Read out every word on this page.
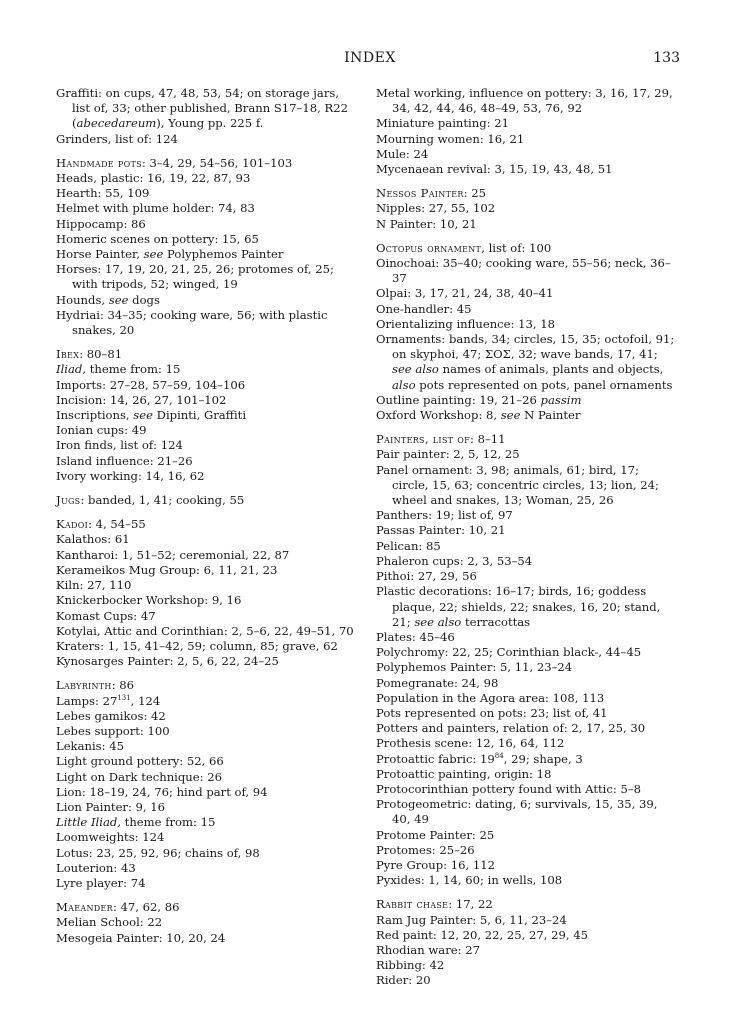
INDEX	133

Graffiti: on cups, 47, 48, 53, 54; on storage jars, list of, 33; other published, Brann S17–18, R22 (abecedareum), Young pp. 225 f.

Grinders, list of: 124

Handmade pots: 3–4, 29, 54–56, 101–103

Heads, plastic: 16, 19, 22, 87, 93

Hearth: 55, 109

Helmet with plume holder: 74, 83

Hippocamp: 86

Homeric scenes on pottery: 15, 65

Horse Painter, see Polyphemos Painter

Horses: 17, 19, 20, 21, 25, 26; protomes of, 25; with tripods, 52; winged, 19

Hounds, see dogs

Hydriai: 34–35; cooking ware, 56; with plastic snakes, 20

Ibex: 80–81

Iliad, theme from: 15

Imports: 27–28, 57–59, 104–106

Incision: 14, 26, 27, 101–102

Inscriptions, see Dipinti, Graffiti

Ionian cups: 49

Iron finds, list of: 124

Island influence: 21–26

Ivory working: 14, 16, 62

Jugs: banded, 1, 41; cooking, 55

Kadoi: 4, 54–55

Kalathos: 61

Kantharoi: 1, 51–52; ceremonial, 22, 87

Kerameikos Mug Group: 6, 11, 21, 23

Kiln: 27, 110

Knickerbocker Workshop: 9, 16

Komast Cups: 47

Kotylai, Attic and Corinthian: 2, 5–6, 22, 49–51, 70

Kraters: 1, 15, 41–42, 59; column, 85; grave, 62

Kynosarges Painter: 2, 5, 6, 22, 24–25

Labyrinth: 86

Lamps: $27^{131}$, 124

Lebes gamikos: 42

Lebes support: 100

Lekanis: 45

Light ground pottery: 52, 66

Light on Dark technique: 26

Lion: 18–19, 24, 76; hind part of, 94

Lion Painter: 9, 16

Little Iliad, theme from: 15

Loomweights: 124

Lotus: 23, 25, 92, 96; chains of, 98

Louterion: 43

Lyre player: 74

Maeander: 47, 62, 86

Melian School: 22

Mesogeia Painter: 10, 20, 24

Metal working, influence on pottery: 3, 16, 17, 29, 34, 42, 44, 46, 48–49, 53, 76, 92

Miniature painting: 21

Mourning women: 16, 21

Mule: 24

Mycenaean revival: 3, 15, 19, 43, 48, 51

Nessos Painter: 25

Nipples: 27, 55, 102

N Painter: 10, 21

Octopus ornament, list of: 100

Oinochoai: 35–40; cooking ware, 55–56; neck, 36–37

Olpai: 3, 17, 21, 24, 38, 40–41

One-handler: 45

Orientalizing influence: 13, 18

Ornaments: bands, 34; circles, 15, 35; octofoil, 91; on skyphoi, 47; ΣΟΣ, 32; wave bands, 17, 41; see also names of animals, plants and objects, also pots represented on pots, panel ornaments

Outline painting: 19, 21–26 passim

Oxford Workshop: 8, see N Painter

Painters, list of: 8–11

Pair painter: 2, 5, 12, 25

Panel ornament: 3, 98; animals, 61; bird, 17; circle, 15, 63; concentric circles, 13; lion, 24; wheel and snakes, 13; Woman, 25, 26

Panthers: 19; list of, 97

Passas Painter: 10, 21

Pelican: 85

Phaleron cups: 2, 3, 53–54

Pithoi: 27, 29, 56

Plastic decorations: 16–17; birds, 16; goddess plaque, 22; shields, 22; snakes, 16, 20; stand, 21; see also terracottas

Plates: 45–46

Polychromy: 22, 25; Corinthian black-, 44–45

Polyphemos Painter: 5, 11, 23–24

Pomegranate: 24, 98

Population in the Agora area: 108, 113

Pots represented on pots: 23; list of, 41

Potters and painters, relation of: 2, 17, 25, 30

Prothesis scene: 12, 16, 64, 112

Protoattic fabric: $19^{84}$, 29; shape, 3

Protoattic painting, origin: 18

Protocorinthian pottery found with Attic: 5–8

Protogeometric: dating, 6; survivals, 15, 35, 39, 40, 49

Protome Painter: 25

Protomes: 25–26

Pyre Group: 16, 112

Pyxides: 1, 14, 60; in wells, 108

Rabbit chase: 17, 22

Ram Jug Painter: 5, 6, 11, 23–24

Red paint: 12, 20, 22, 25, 27, 29, 45

Rhodian ware: 27

Ribbing: 42

Rider: 20
